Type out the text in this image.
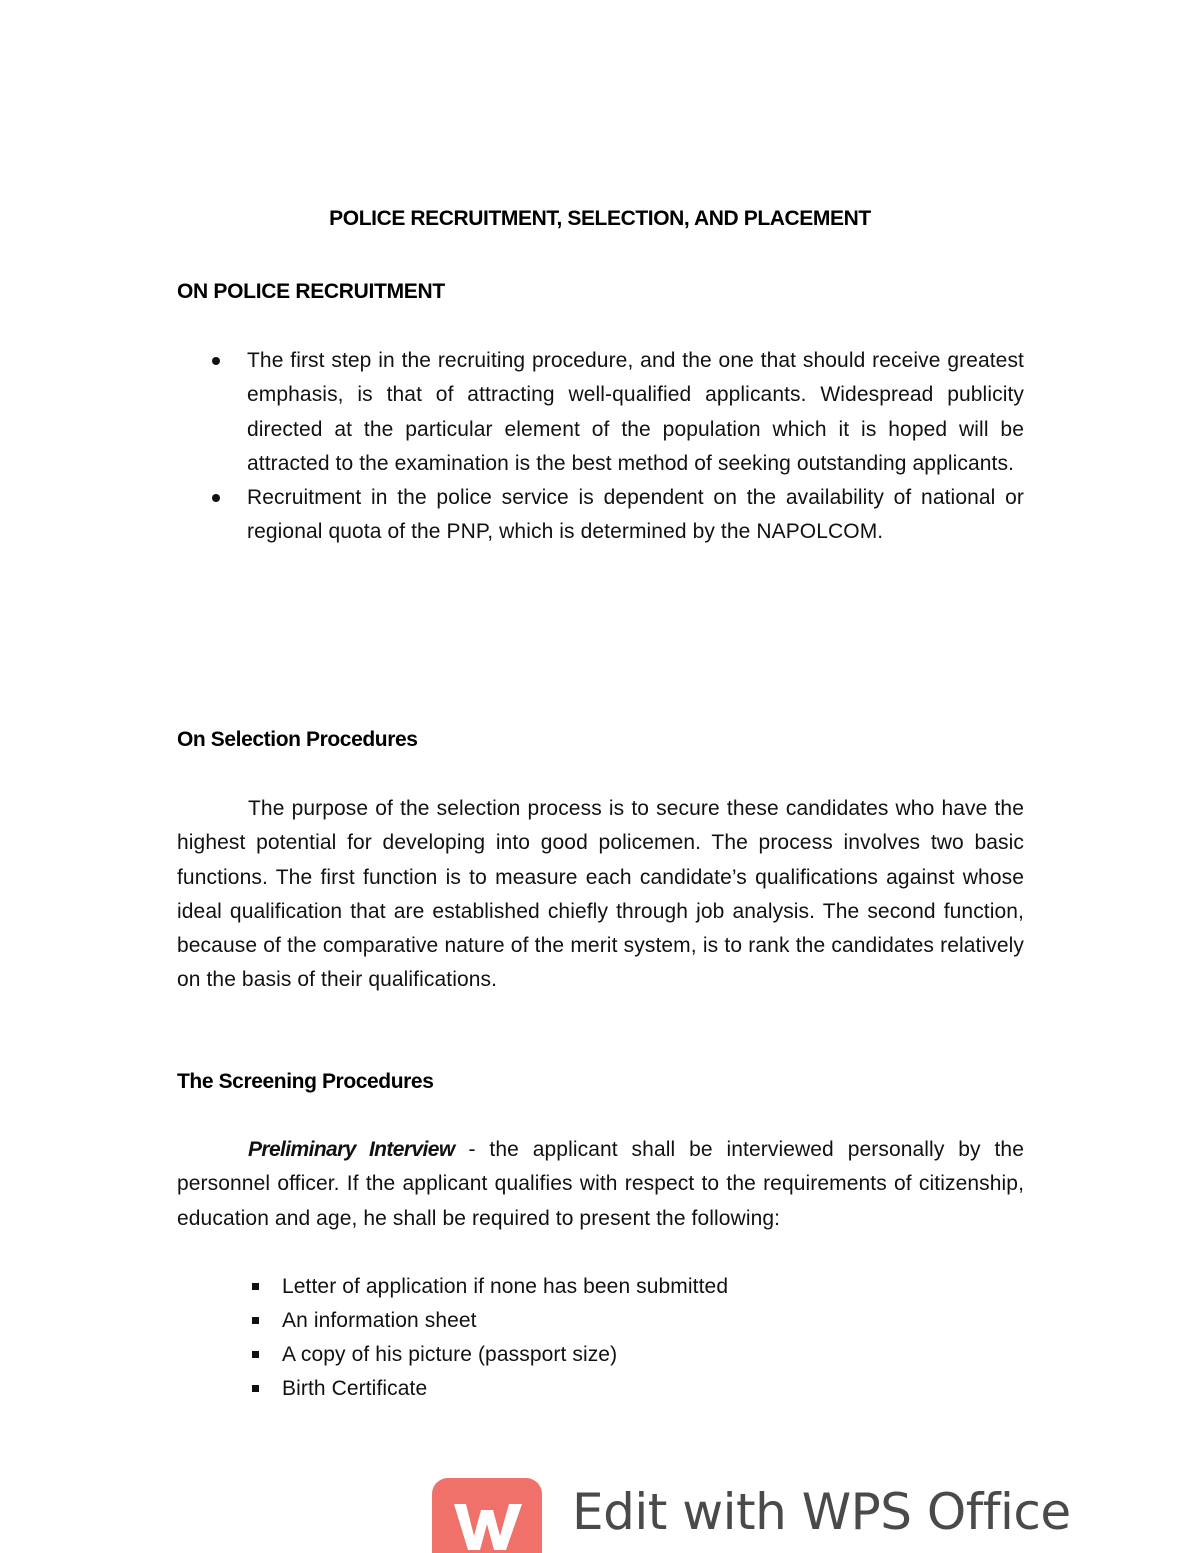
POLICE RECRUITMENT, SELECTION, AND PLACEMENT
ON POLICE RECRUITMENT
The first step in the recruiting procedure, and the one that should receive greatest emphasis, is that of attracting well-qualified applicants. Widespread publicity directed at the particular element of the population which it is hoped will be attracted to the examination is the best method of seeking outstanding applicants.
Recruitment in the police service is dependent on the availability of national or regional quota of the PNP, which is determined by the NAPOLCOM.
On Selection Procedures

The purpose of the selection process is to secure these candidates who have the highest potential for developing into good policemen. The process involves two basic functions. The first function is to measure each candidate’s qualifications against whose ideal qualification that are established chiefly through job analysis. The second function, because of the comparative nature of the merit system, is to rank the candidates relatively on the basis of their qualifications.

The Screening Procedures

Preliminary Interview - the applicant shall be interviewed personally by the personnel officer. If the applicant qualifies with respect to the requirements of citizenship, education and age, he shall be required to present the following:

Letter of application if none has been submitted
An information sheet
A copy of his picture (passport size)
Birth Certificate
Edit with WPS Office
